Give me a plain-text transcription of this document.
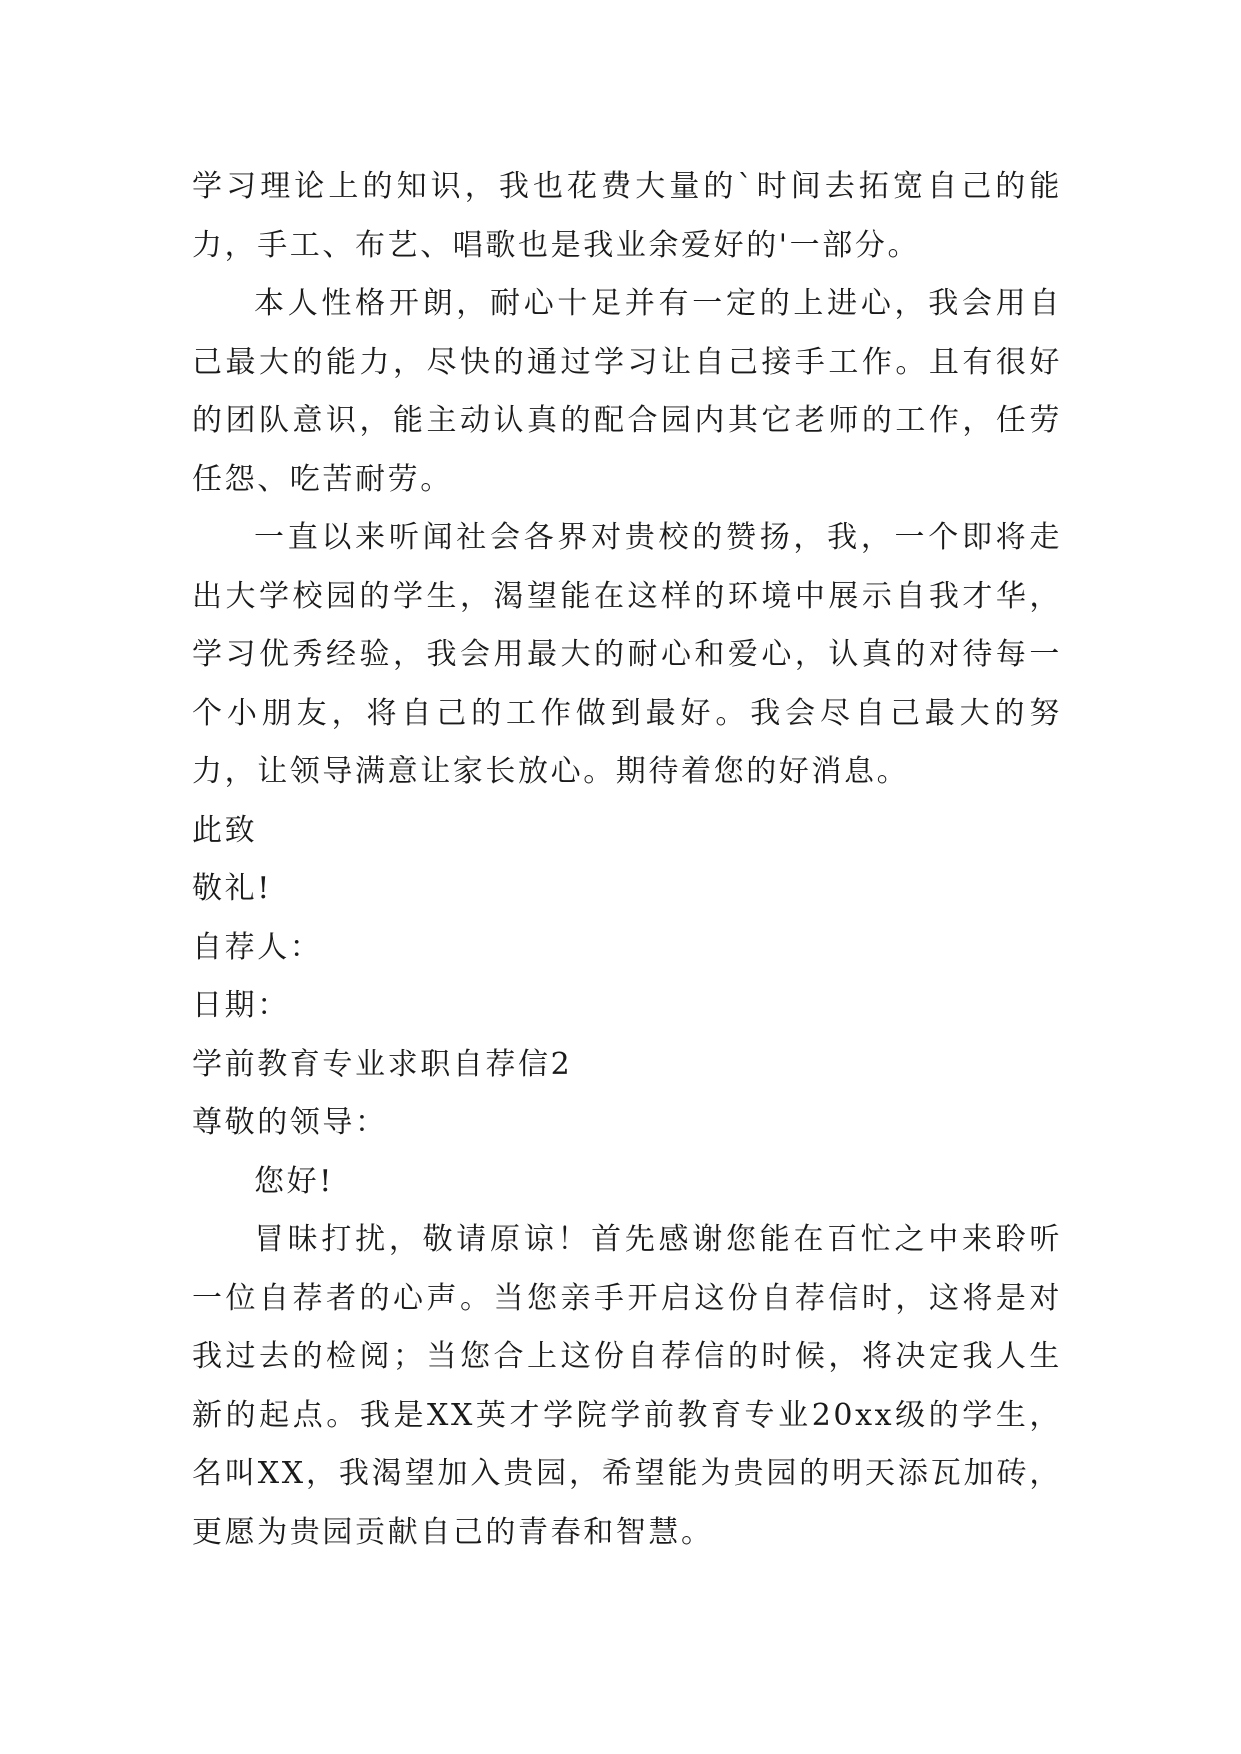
学习理论上的知识，我也花费大量的`时间去拓宽自己的能力，手工、布艺、唱歌也是我业余爱好的'一部分。

本人性格开朗，耐心十足并有一定的上进心，我会用自己最大的能力，尽快的通过学习让自己接手工作。且有很好的团队意识，能主动认真的配合园内其它老师的工作，任劳任怨、吃苦耐劳。

一直以来听闻社会各界对贵校的赞扬，我，一个即将走出大学校园的学生，渴望能在这样的环境中展示自我才华，学习优秀经验，我会用最大的耐心和爱心，认真的对待每一个小朋友，将自己的工作做到最好。我会尽自己最大的努力，让领导满意让家长放心。期待着您的好消息。

此致

敬礼!

自荐人：

日期：

学前教育专业求职自荐信2

尊敬的领导：

您好!

冒昧打扰，敬请原谅！首先感谢您能在百忙之中来聆听一位自荐者的心声。当您亲手开启这份自荐信时，这将是对我过去的检阅；当您合上这份自荐信的时候，将决定我人生新的起点。我是XX英才学院学前教育专业20xx级的学生，名叫XX，我渴望加入贵园，希望能为贵园的明天添瓦加砖，更愿为贵园贡献自己的青春和智慧。
